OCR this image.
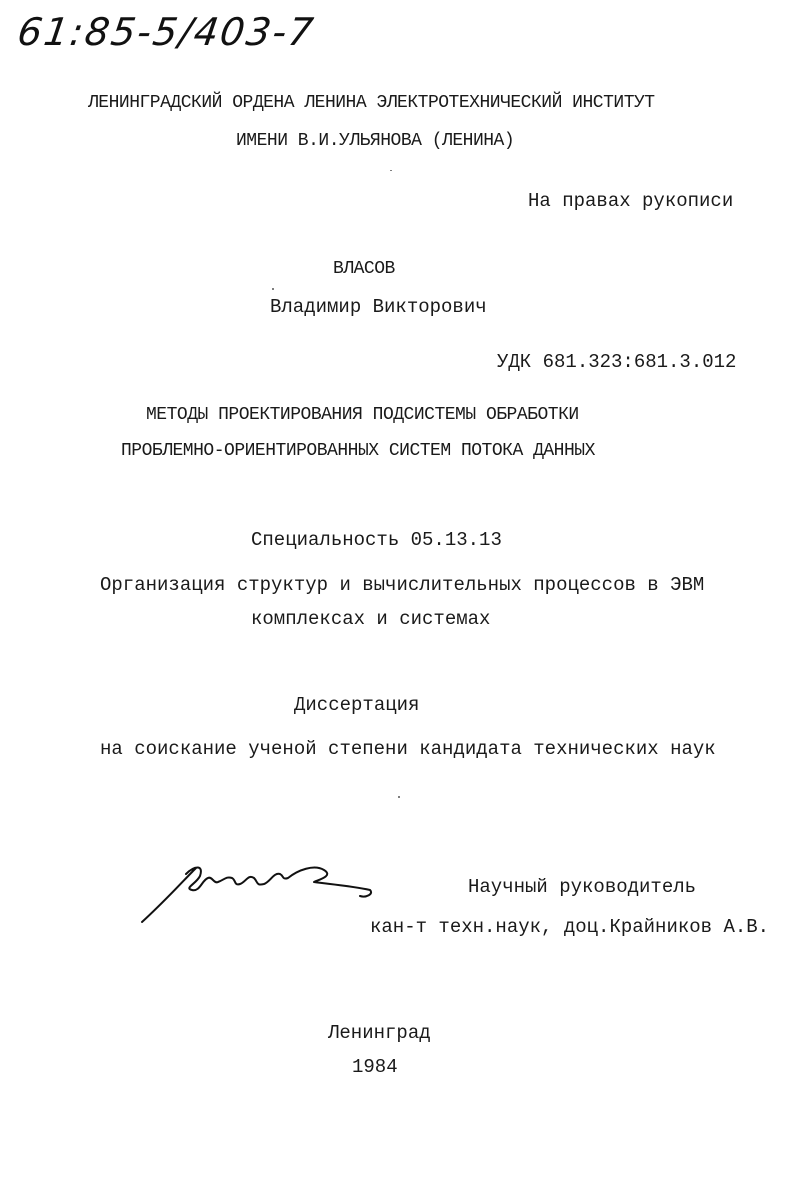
61:85-5/403-7
ЛЕНИНГРАДСКИЙ ОРДЕНА ЛЕНИНА ЭЛЕКТРОТЕХНИЧЕСКИЙ ИНСТИТУТ
ИМЕНИ В.И.УЛЬЯНОВА (ЛЕНИНА)
На правах рукописи
ВЛАСОВ
Владимир Викторович
УДК 681.323:681.3.012
МЕТОДЫ ПРОЕКТИРОВАНИЯ ПОДСИСТЕМЫ ОБРАБОТКИ
ПРОБЛЕМНО-ОРИЕНТИРОВАННЫХ СИСТЕМ ПОТОКА ДАННЫХ
Специальность 05.13.13
Организация структур и вычислительных процессов в ЭВМ
комплексах и системах
Диссертация
на соискание ученой степени кандидата технических наук
Научный руководитель
кан-т техн.наук, доц.Крайников А.В.
Ленинград
1984
